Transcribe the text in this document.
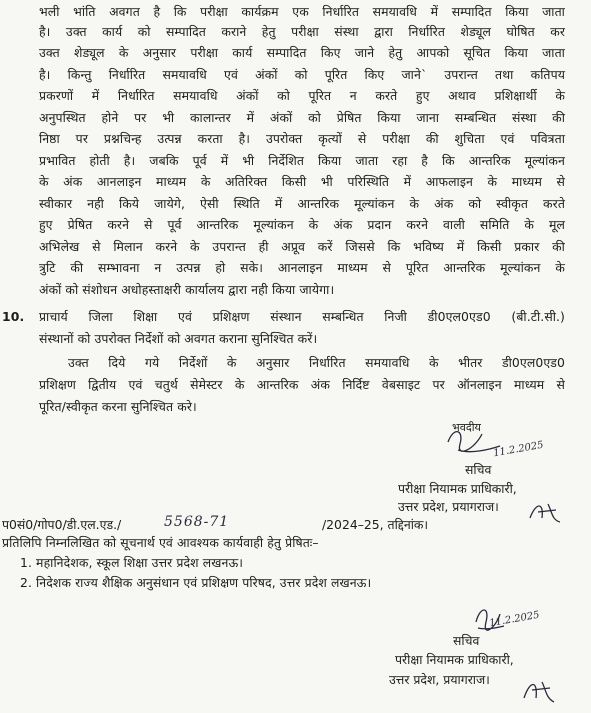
भली भांति अवगत है कि परीक्षा कार्यक्रम एक निर्धारित समयावधि में सम्पादित किया जाता
है। उक्त कार्य को सम्पादित कराने हेतु परीक्षा संस्था द्वारा निर्धारित शेड्यूल घोषित कर
उक्त शेड्यूल के अनुसार परीक्षा कार्य सम्पादित किए जाने हेतु आपको सूचित किया जाता
है। किन्तु निर्धारित समयावधि एवं अंकों को पूरित किए जाने` उपरान्त तथा कतिपय
प्रकरणों में निर्धारित समयावधि अंकों को पूरित न करते हुए अथाव प्रशिक्षार्थी के
अनुपस्थित होने पर भी कालान्तर में अंकों को प्रेषित किया जाना सम्बन्धित संस्था की
निष्ठा पर प्रश्नचिन्ह उत्पन्न करता है। उपरोक्त कृत्यों से परीक्षा की शुचिता एवं पवित्रता
प्रभावित होती है। जबकि पूर्व में भी निर्देशित किया जाता रहा है कि आन्तरिक मूल्यांकन
के अंक आनलाइन माध्यम के अतिरिक्त किसी भी परिस्थिति में आफलाइन के माध्यम से
स्वीकार नही किये जायेगे, ऐसी स्थिति में आन्तरिक मूल्यांकन के अंक को स्वीकृत करते
हुए प्रेषित करने से पूर्व आन्तरिक मूल्यांकन के अंक प्रदान करने वाली समिति के मूल
अभिलेख से मिलान करने के उपरान्त ही अप्रूव करें जिससे कि भविष्य में किसी प्रकार की
त्रुटि की सम्भावना न उत्पन्न हो सके। आनलाइन माध्यम से पूरित आन्तरिक मूल्यांकन के
अंकों को संशोधन अधोहस्ताक्षरी कार्यालय द्वारा नही किया जायेगा।
10. प्राचार्य जिला शिक्षा एवं प्रशिक्षण संस्थान सम्बन्धित निजी डी0एल0एड0 (बी.टी.सी.)
संस्थानों को उपरोक्त निर्देशों को अवगत कराना सुनिश्चित करें।
उक्त दिये गये निर्देशों के अनुसार निर्धारित समयावधि के भीतर डी0एल0एड0
प्रशिक्षण द्वितीय एवं चतुर्थ सेमेस्टर के आन्तरिक अंक निर्दिष्ट वेबसाइट पर ऑनलाइन माध्यम से
पूरित/स्वीकृत करना सुनिश्चित करे।
भवदीय
11.2.2025
सचिव
परीक्षा नियामक प्राधिकारी,
उत्तर प्रदेश, प्रयागराज।
प0सं0/गोप0/डी.एल.एड./	5568-71	/2024–25, तद्दिनांक।
प्रतिलिपि निम्नलिखित को सूचनार्थ एवं आवश्यक कार्यवाही हेतु प्रेषितः–
1. महानिदेशक, स्कूल शिक्षा उत्तर प्रदेश लखनऊ।
2. निदेशक राज्य शैक्षिक अनुसंधान एवं प्रशिक्षण परिषद, उत्तर प्रदेश लखनऊ।
11.2.2025
सचिव
परीक्षा नियामक प्राधिकारी,
उत्तर प्रदेश, प्रयागराज।
